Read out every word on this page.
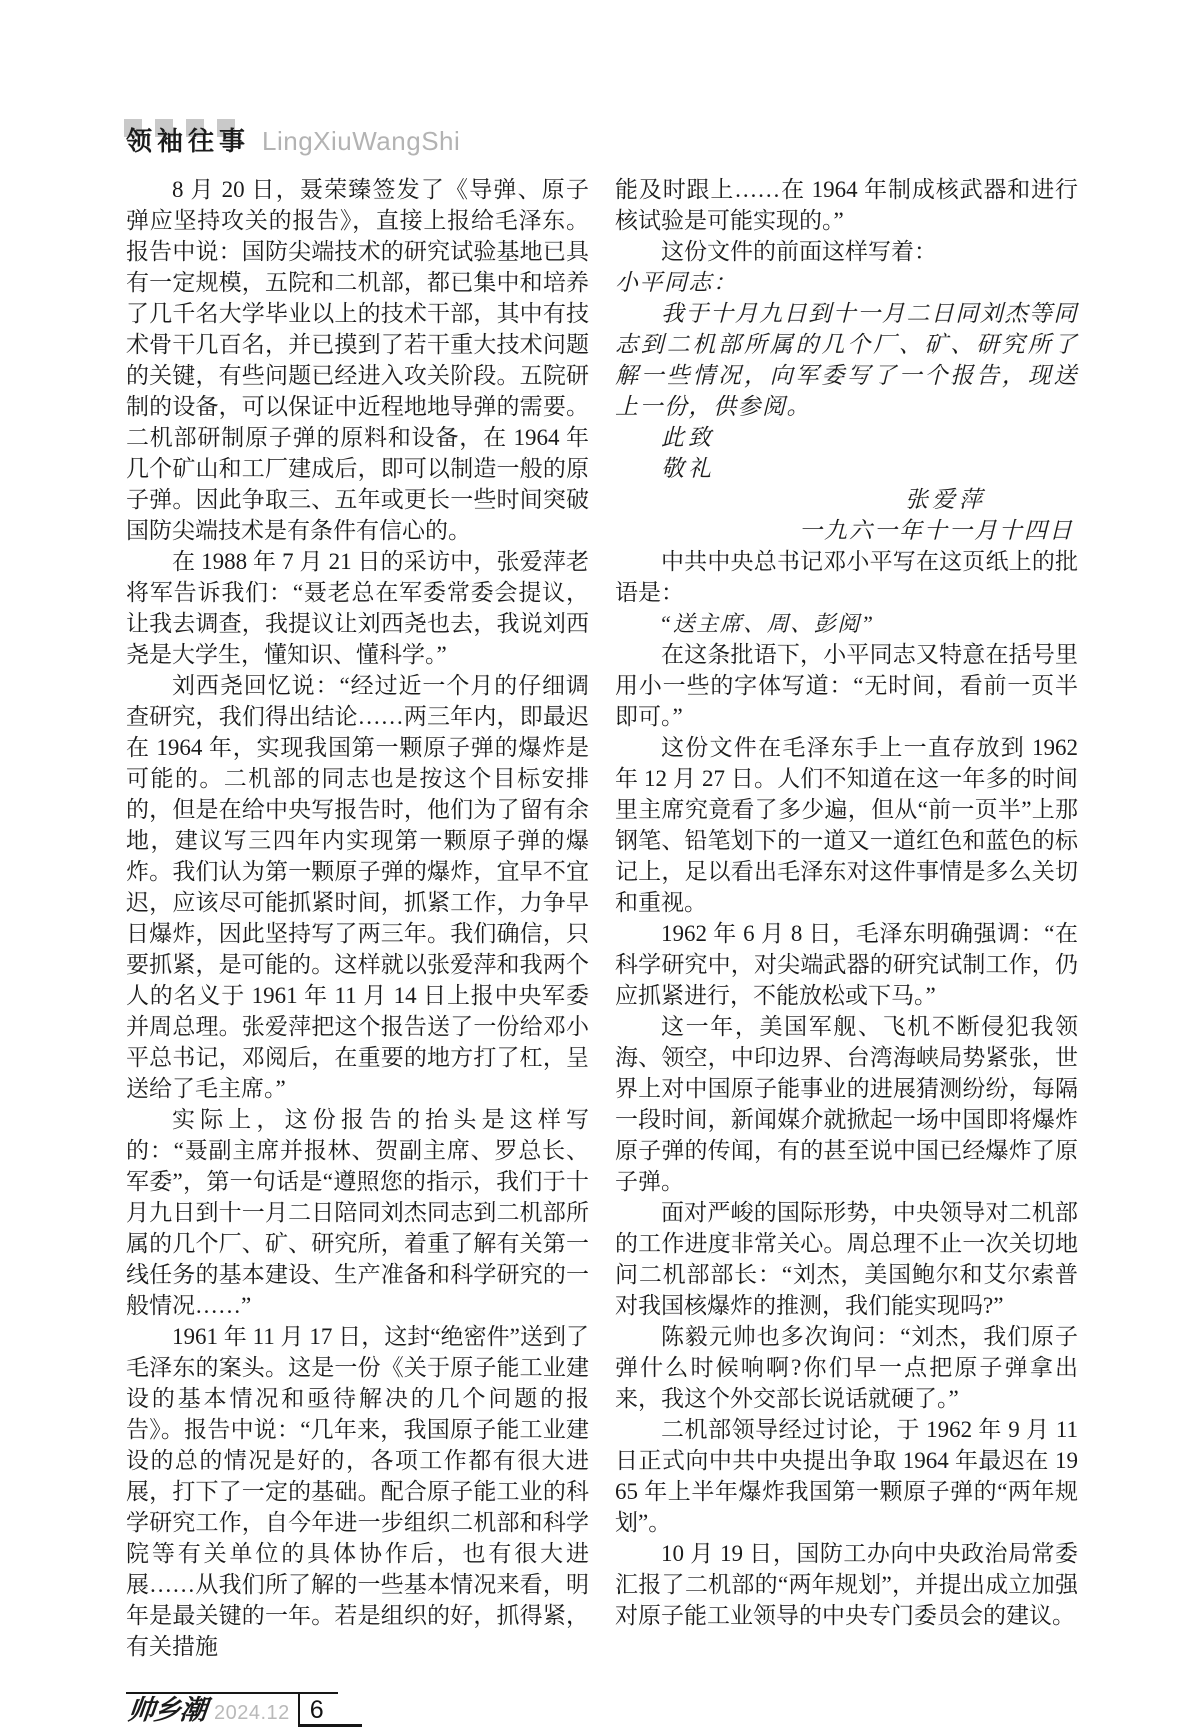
领 袖 往 事 LingXiuWangShi

8 月 20 日，聂荣臻签发了《导弹、原子弹应坚持攻关的报告》，直接上报给毛泽东。报告中说：国防尖端技术的研究试验基地已具有一定规模，五院和二机部，都已集中和培养了几千名大学毕业以上的技术干部，其中有技术骨干几百名，并已摸到了若干重大技术问题的关键，有些问题已经进入攻关阶段。五院研制的设备，可以保证中近程地地导弹的需要。二机部研制原子弹的原料和设备，在 1964 年几个矿山和工厂建成后，即可以制造一般的原子弹。因此争取三、五年或更长一些时间突破国防尖端技术是有条件有信心的。

在 1988 年 7 月 21 日的采访中，张爱萍老将军告诉我们：“聂老总在军委常委会提议，让我去调查，我提议让刘西尧也去，我说刘西尧是大学生，懂知识、懂科学。”

刘西尧回忆说：“经过近一个月的仔细调查研究，我们得出结论……两三年内，即最迟在 1964 年，实现我国第一颗原子弹的爆炸是可能的。二机部的同志也是按这个目标安排的，但是在给中央写报告时，他们为了留有余地，建议写三四年内实现第一颗原子弹的爆炸。我们认为第一颗原子弹的爆炸，宜早不宜迟，应该尽可能抓紧时间，抓紧工作，力争早日爆炸，因此坚持写了两三年。我们确信，只要抓紧，是可能的。这样就以张爱萍和我两个人的名义于 1961 年 11 月 14 日上报中央军委并周总理。张爱萍把这个报告送了一份给邓小平总书记，邓阅后，在重要的地方打了杠，呈送给了毛主席。”

实际上，这份报告的抬头是这样写的：“聂副主席并报林、贺副主席、罗总长、军委”，第一句话是“遵照您的指示，我们于十月九日到十一月二日陪同刘杰同志到二机部所属的几个厂、矿、研究所，着重了解有关第一线任务的基本建设、生产准备和科学研究的一般情况……”

1961 年 11 月 17 日，这封“绝密件”送到了毛泽东的案头。这是一份《关于原子能工业建设的基本情况和亟待解决的几个问题的报告》。报告中说：“几年来，我国原子能工业建设的总的情况是好的，各项工作都有很大进展，打下了一定的基础。配合原子能工业的科学研究工作，自今年进一步组织二机部和科学院等有关单位的具体协作后，也有很大进展……从我们所了解的一些基本情况来看，明年是最关键的一年。若是组织的好，抓得紧，有关措施

能及时跟上……在 1964 年制成核武器和进行核试验是可能实现的。”

这份文件的前面这样写着：

小平同志：

我于十月九日到十一月二日同刘杰等同志到二机部所属的几个厂、矿、研究所了解一些情况，向军委写了一个报告，现送上一份，供参阅。

此致

敬礼

张爱萍

一九六一年十一月十四日

中共中央总书记邓小平写在这页纸上的批语是：

“送主席、周、彭阅”

在这条批语下，小平同志又特意在括号里用小一些的字体写道：“无时间，看前一页半即可。”

这份文件在毛泽东手上一直存放到 1962 年 12 月 27 日。人们不知道在这一年多的时间里主席究竟看了多少遍，但从“前一页半”上那钢笔、铅笔划下的一道又一道红色和蓝色的标记上，足以看出毛泽东对这件事情是多么关切和重视。

1962 年 6 月 8 日，毛泽东明确强调：“在科学研究中，对尖端武器的研究试制工作，仍应抓紧进行，不能放松或下马。”

这一年，美国军舰、飞机不断侵犯我领海、领空，中印边界、台湾海峡局势紧张，世界上对中国原子能事业的进展猜测纷纷，每隔一段时间，新闻媒介就掀起一场中国即将爆炸原子弹的传闻，有的甚至说中国已经爆炸了原子弹。

面对严峻的国际形势，中央领导对二机部的工作进度非常关心。周总理不止一次关切地问二机部部长：“刘杰，美国鲍尔和艾尔索普对我国核爆炸的推测，我们能实现吗?”

陈毅元帅也多次询问：“刘杰，我们原子弹什么时候响啊?你们早一点把原子弹拿出来，我这个外交部长说话就硬了。”

二机部领导经过讨论，于 1962 年 9 月 11 日正式向中共中央提出争取 1964 年最迟在 1965 年上半年爆炸我国第一颗原子弹的“两年规划”。

10 月 19 日，国防工办向中央政治局常委汇报了二机部的“两年规划”，并提出成立加强对原子能工业领导的中央专门委员会的建议。

帅乡潮 2024.12 6
